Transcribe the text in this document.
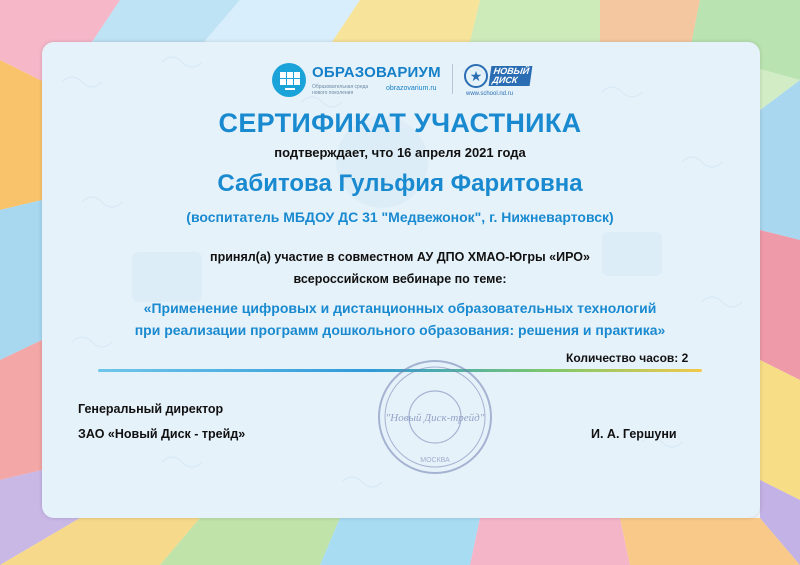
ОБРАЗОВАРИУМ
Образовательная среда нового поколения
obrazovarium.ru
★	НОВЫЙ
ДИСК
www.school.nd.ru
СЕРТИФИКАТ УЧАСТНИКА
подтверждает, что 16 апреля 2021 года
Сабитова Гульфия Фаритовна
(воспитатель МБДОУ ДС 31 "Медвежонок", г. Нижневартовск)
принял(а) участие в совместном АУ ДПО ХМАО-Югры «ИРО»
всероссийском вебинаре по теме:
«Применение цифровых и дистанционных образовательных технологий
при реализации программ дошкольного образования: решения и практика»
Количество часов: 2
"Новый Диск-трейд"
МОСКВА
Генеральный директор
ЗАО «Новый Диск - трейд»	И. А. Гершуни
